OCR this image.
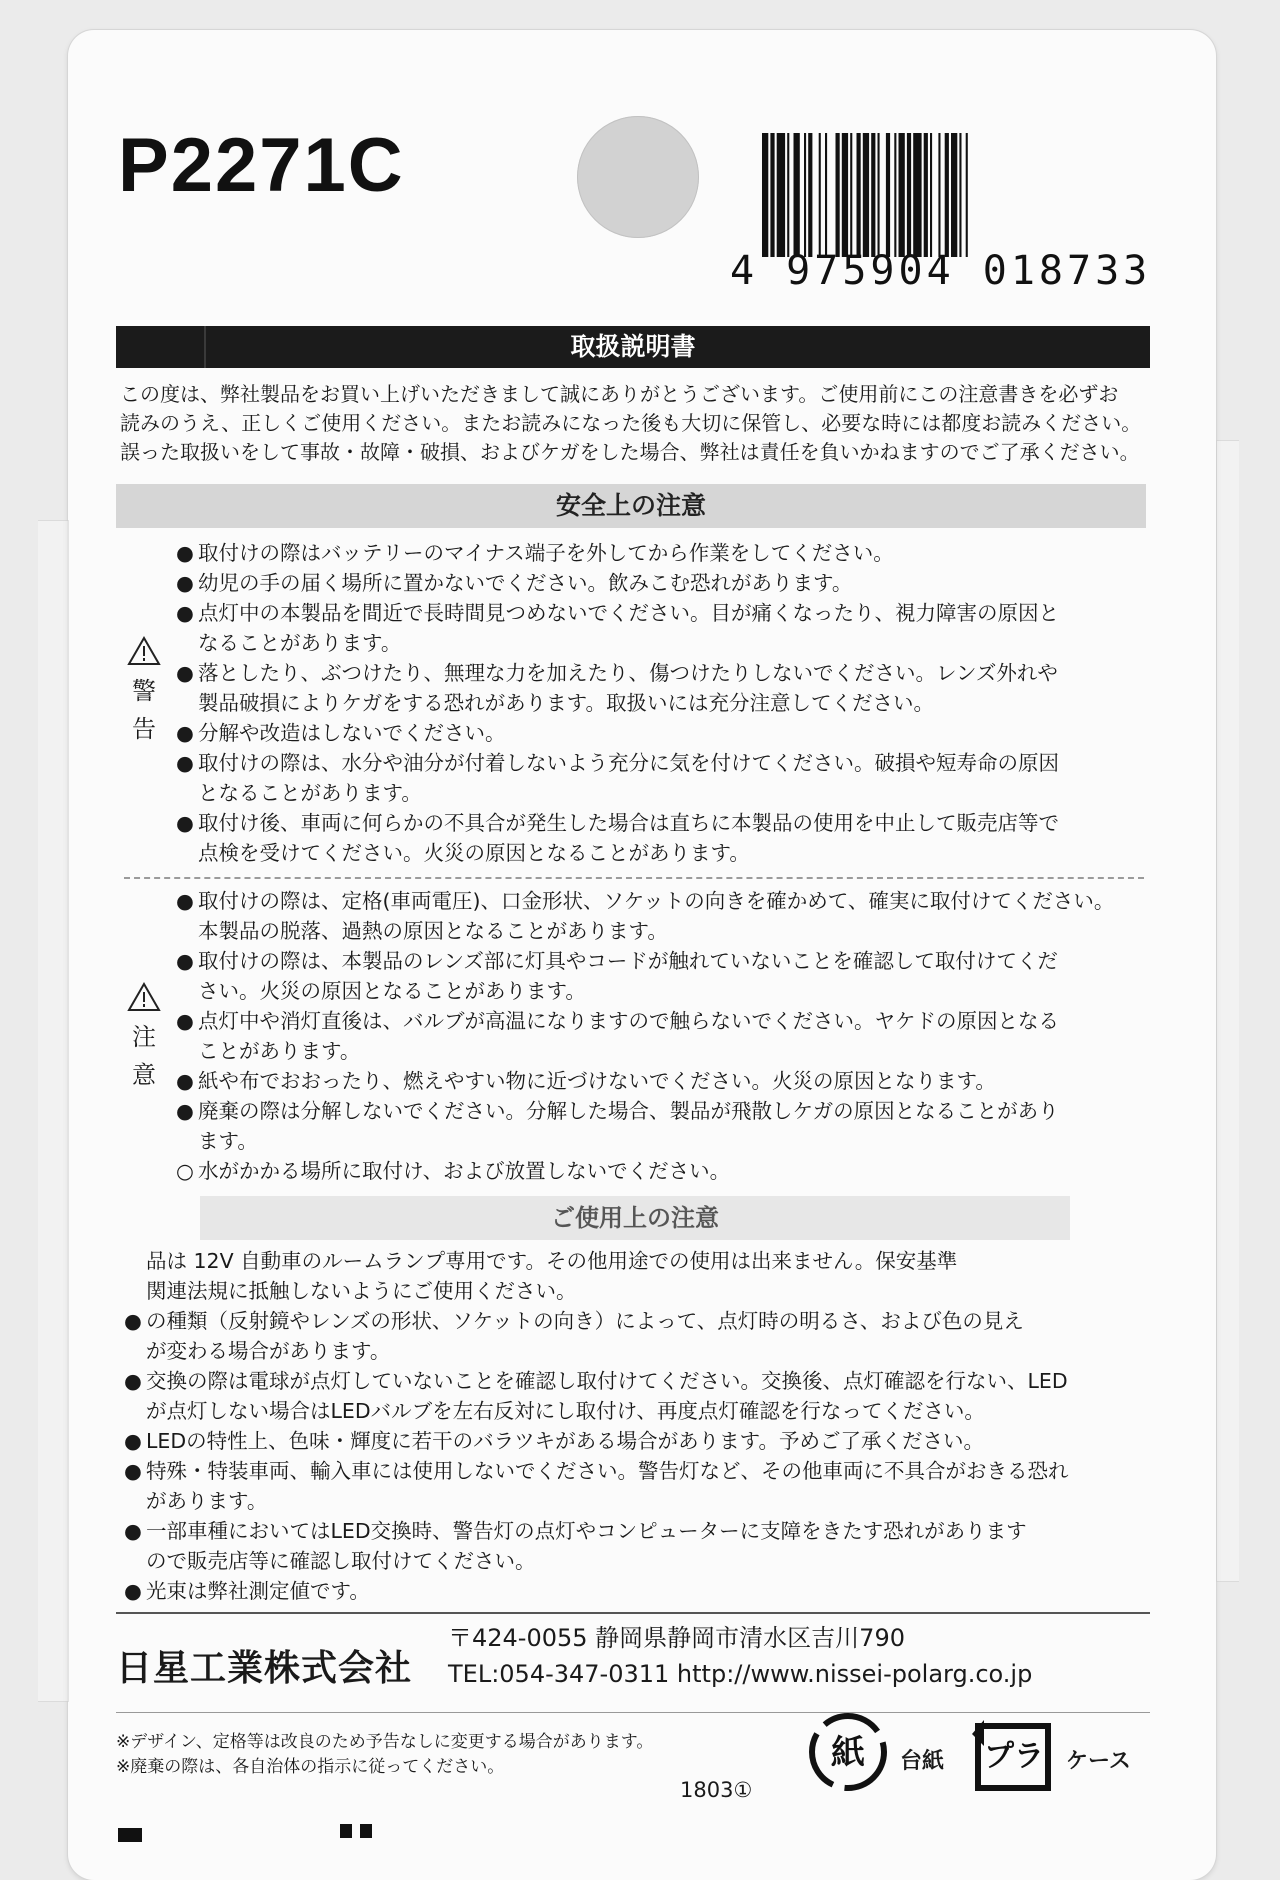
P2271C
4 975904 018733
取扱説明書
この度は、弊社製品をお買い上げいただきまして誠にありがとうございます。ご使用前にこの注意書きを必ずお
読みのうえ、正しくご使用ください。またお読みになった後も大切に保管し、必要な時には都度お読みください。
誤った取扱いをして事故・故障・破損、およびケガをした場合、弊社は責任を負いかねますのでご了承ください。
安全上の注意
警
告
● 取付けの際はバッテリーのマイナス端子を外してから作業をしてください。
● 幼児の手の届く場所に置かないでください。飲みこむ恐れがあります。
● 点灯中の本製品を間近で長時間見つめないでください。目が痛くなったり、視力障害の原因と
なることがあります。
● 落としたり、ぶつけたり、無理な力を加えたり、傷つけたりしないでください。レンズ外れや
製品破損によりケガをする恐れがあります。取扱いには充分注意してください。
● 分解や改造はしないでください。
● 取付けの際は、水分や油分が付着しないよう充分に気を付けてください。破損や短寿命の原因
となることがあります。
● 取付け後、車両に何らかの不具合が発生した場合は直ちに本製品の使用を中止して販売店等で
点検を受けてください。火災の原因となることがあります。
注
意
● 取付けの際は、定格(車両電圧)、口金形状、ソケットの向きを確かめて、確実に取付けてください。
本製品の脱落、過熱の原因となることがあります。
● 取付けの際は、本製品のレンズ部に灯具やコードが触れていないことを確認して取付けてくだ
さい。火災の原因となることがあります。
● 点灯中や消灯直後は、バルブが高温になりますので触らないでください。ヤケドの原因となる
ことがあります。
● 紙や布でおおったり、燃えやすい物に近づけないでください。火災の原因となります。
● 廃棄の際は分解しないでください。分解した場合、製品が飛散しケガの原因となることがあり
ます。
○ 水がかかる場所に取付け、および放置しないでください。
ご使用上の注意
品は 12V 自動車のルームランプ専用です。その他用途での使用は出来ません。保安基準
関連法規に抵触しないようにご使用ください。
● の種類（反射鏡やレンズの形状、ソケットの向き）によって、点灯時の明るさ、および色の見え
が変わる場合があります。
● 交換の際は電球が点灯していないことを確認し取付けてください。交換後、点灯確認を行ない、LED
が点灯しない場合はLEDバルブを左右反対にし取付け、再度点灯確認を行なってください。
● LEDの特性上、色味・輝度に若干のバラツキがある場合があります。予めご了承ください。
● 特殊・特装車両、輸入車には使用しないでください。警告灯など、その他車両に不具合がおきる恐れ
があります。
● 一部車種においてはLED交換時、警告灯の点灯やコンピューターに支障をきたす恐れがあります
ので販売店等に確認し取付けてください。
● 光束は弊社測定値です。
日星工業株式会社
〒424-0055 静岡県静岡市清水区吉川790
TEL:054-347-0311 http://www.nissei-polarg.co.jp
※デザイン、定格等は改良のため予告なしに変更する場合があります。
※廃棄の際は、各自治体の指示に従ってください。
1803①
紙 台紙 プラ ケース
